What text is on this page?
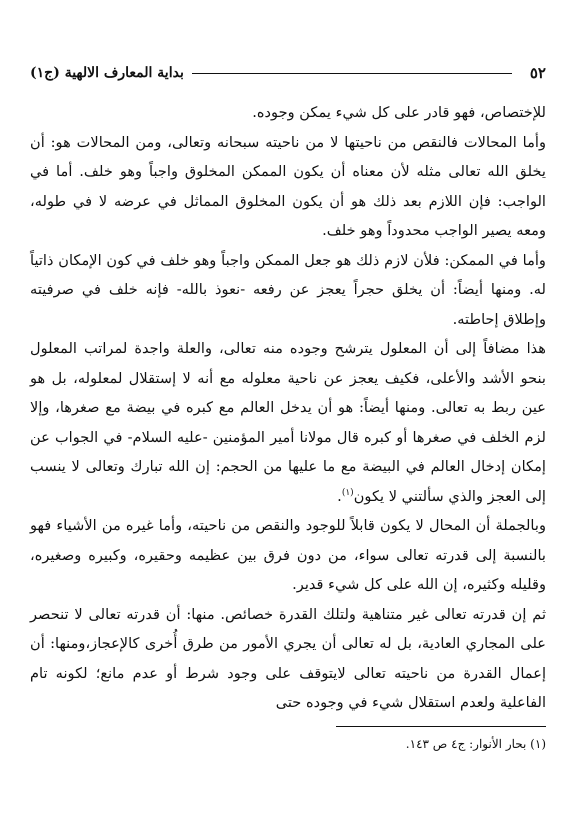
٥٢
بداية المعارف الالهية (ج١)

للإختصاص، فهو قادر على كل شيء يمكن وجوده.

وأما المحالات فالنقص من ناحيتها لا من ناحيته سبحانه وتعالى، ومن المحالات هو: أن يخلق الله تعالى مثله لأن معناه أن يكون الممكن المخلوق واجباً وهو خلف. أما في الواجب: فإن اللازم بعد ذلك هو أن يكون المخلوق المماثل في عرضه لا في طوله، ومعه يصير الواجب محدوداً وهو خلف.

وأما في الممكن: فلأن لازم ذلك هو جعل الممكن واجباً وهو خلف في كون الإمكان ذاتياً له. ومنها أيضاً: أن يخلق حجراً يعجز عن رفعه -نعوذ بالله- فإنه خلف في صرفيته وإطلاق إحاطته.

هذا مضافاً إلى أن المعلول يترشح وجوده منه تعالى، والعلة واجدة لمراتب المعلول بنحو الأشد والأعلى، فكيف يعجز عن ناحية معلوله مع أنه لا إستقلال لمعلوله، بل هو عين ربط به تعالى. ومنها أيضاً: هو أن يدخل العالم مع كبره في بيضة مع صغرها، وإلا لزم الخلف في صغرها أو كبره قال مولانا أمير المؤمنين -عليه السلام- في الجواب عن إمكان إدخال العالم في البيضة مع ما عليها من الحجم: إن الله تبارك وتعالى لا ينسب إلى العجز والذي سألتني لا يكون$^{(١)}$.

وبالجملة أن المحال لا يكون قابلاً للوجود والنقص من ناحيته، وأما غيره من الأشياء فهو بالنسبة إلى قدرته تعالى سواء، من دون فرق بين عظيمه وحقيره، وكبيره وصغيره، وقليله وكثيره، إن الله على كل شيء قدير.

ثم إن قدرته تعالى غير متناهية ولتلك القدرة خصائص. منها: أن قدرته تعالى لا تنحصر على المجاري العادية، بل له تعالى أن يجري الأمور من طرق أُخرى كالإعجاز،ومنها: أن إعمال القدرة من ناحيته تعالى لايتوقف على وجود شرط أو عدم مانع؛ لكونه تام الفاعلية ولعدم استقلال شيء في وجوده حتى

(١) بحار الأنوار: ج٤ ص ١٤٣.
